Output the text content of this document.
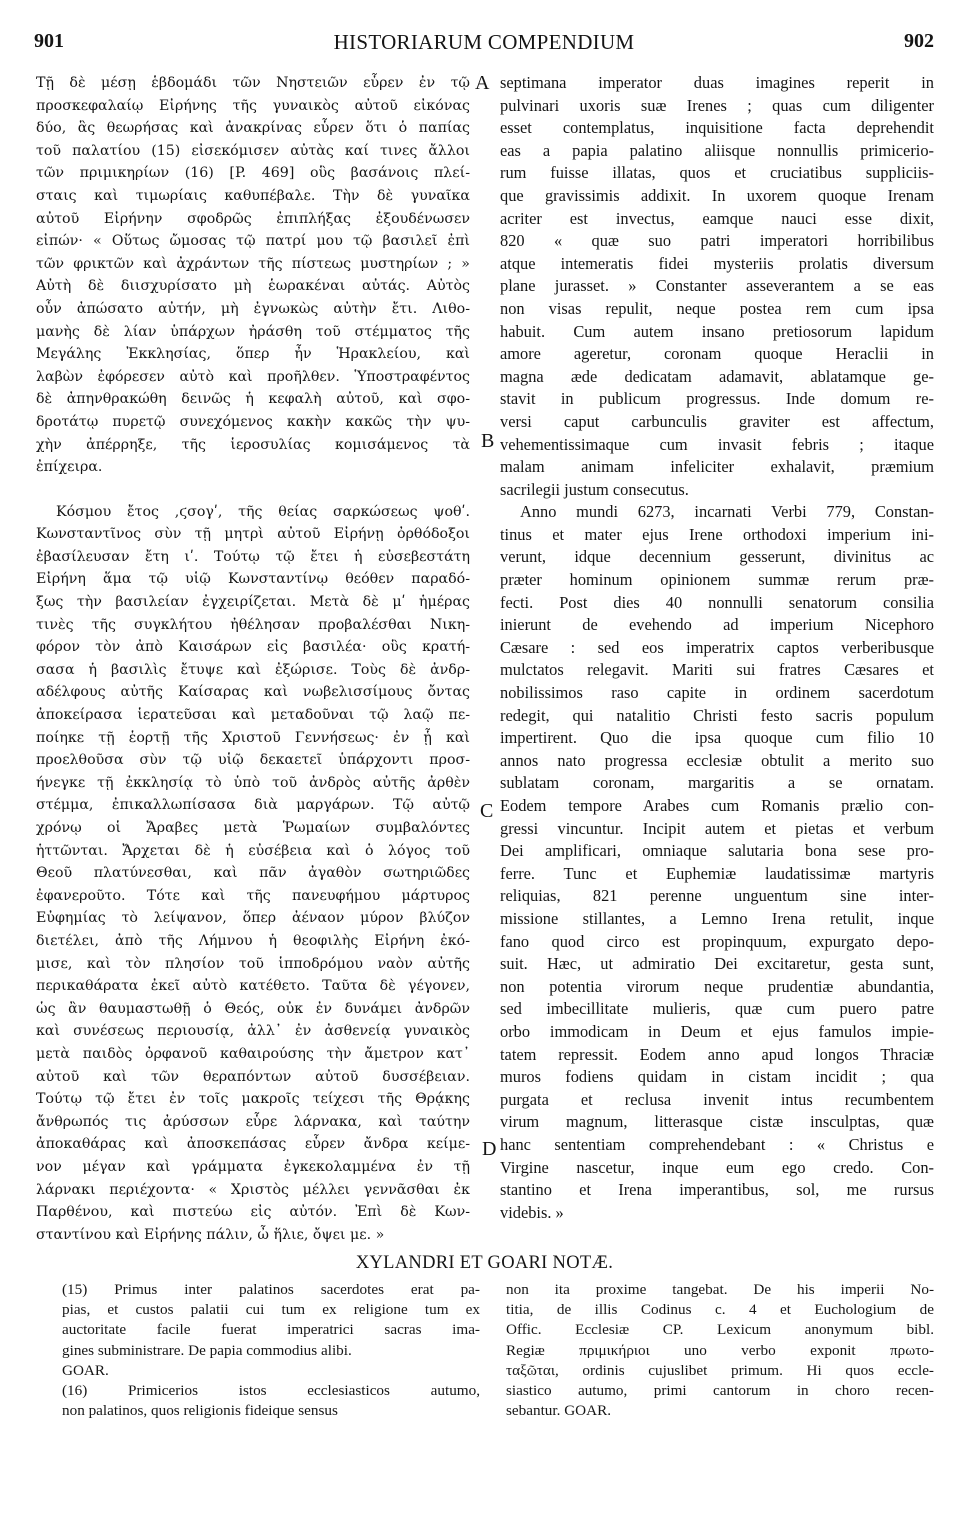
901	HISTORIARUM COMPENDIUM	902
Τῇ δὲ μέσῃ ἑβδομάδι τῶν Νηστειῶν εὗρεν ἐν τῷ
προσκεφαλαίῳ Εἰρήνης τῆς γυναικὸς αὐτοῦ εἰκόνας
δύο, ἃς θεωρήσας καὶ ἀνακρίνας εὗρεν ὅτι ὁ παπίας
τοῦ παλατίου (15) εἰσεκόμισεν αὐτὰς καί τινες ἄλλοι
τῶν πριμικηρίων (16) [P. 469] οὓς βασάνοις πλεί-
σταις καὶ τιμωρίαις καθυπέβαλε. Τὴν δὲ γυναῖκα
αὐτοῦ Εἰρήνην σφοδρῶς ἐπιπλήξας ἐξουδένωσεν
εἰπών· « Οὕτως ὤμοσας τῷ πατρί μου τῷ βασιλεῖ ἐπὶ
τῶν φρικτῶν καὶ ἀχράντων τῆς πίστεως μυστηρίων ; »
Αὐτὴ δὲ διισχυρίσατο μὴ ἑωρακέναι αὐτάς. Αὐτὸς
οὖν ἀπώσατο αὐτήν, μὴ ἐγνωκὼς αὐτὴν ἔτι. Λιθο-
μανὴς δὲ λίαν ὑπάρχων ἠράσθη τοῦ στέμματος τῆς
Μεγάλης Ἐκκλησίας, ὅπερ ἦν Ἡρακλείου, καὶ
λαβὼν ἐφόρεσεν αὐτὸ καὶ προῆλθεν. Ὑποστραφέντος
δὲ ἀπηνθρακώθη δεινῶς ἡ κεφαλὴ αὐτοῦ, καὶ σφο-
δροτάτῳ πυρετῷ συνεχόμενος κακὴν κακῶς τὴν ψυ-
χὴν ἀπέρρηξε, τῆς ἱεροσυλίας κομισάμενος τὰ
ἐπίχειρα.
Κόσμου ἔτος ,ϛσογʹ, τῆς θείας σαρκώσεως ψοθʹ.
Κωνσταντῖνος σὺν τῇ μητρὶ αὐτοῦ Εἰρήνῃ ὀρθόδοξοι
ἐβασίλευσαν ἔτη ιʹ. Τούτῳ τῷ ἔτει ἡ εὐσεβεστάτη
Εἰρήνη ἅμα τῷ υἱῷ Κωνσταντίνῳ θεόθεν παραδό-
ξως τὴν βασιλείαν ἐγχειρίζεται. Μετὰ δὲ μʹ ἡμέρας
τινὲς τῆς συγκλήτου ἠθέλησαν προβαλέσθαι Νικη-
φόρον τὸν ἀπὸ Καισάρων εἰς βασιλέα· οὓς κρατή-
σασα ἡ βασιλὶς ἔτυψε καὶ ἐξώρισε. Τοὺς δὲ ἀνδρ-
αδέλφους αὐτῆς Καίσαρας καὶ νωβελισσίμους ὄντας
ἀποκείρασα ἱερατεῦσαι καὶ μεταδοῦναι τῷ λαῷ πε-
ποίηκε τῇ ἑορτῇ τῆς Χριστοῦ Γεννήσεως· ἐν ᾗ καὶ
προελθοῦσα σὺν τῷ υἱῷ δεκαετεῖ ὑπάρχοντι προσ-
ήνεγκε τῇ ἐκκλησίᾳ τὸ ὑπὸ τοῦ ἀνδρὸς αὐτῆς ἀρθὲν
στέμμα, ἐπικαλλωπίσασα διὰ μαργάρων. Τῷ αὐτῷ
χρόνῳ οἱ Ἄραβες μετὰ Ῥωμαίων συμβαλόντες
ἡττῶνται. Ἄρχεται δὲ ἡ εὐσέβεια καὶ ὁ λόγος τοῦ
Θεοῦ πλατύνεσθαι, καὶ πᾶν ἀγαθὸν σωτηριῶδες
ἐφανεροῦτο. Τότε καὶ τῆς πανευφήμου μάρτυρος
Εὐφημίας τὸ λείψανον, ὅπερ ἀέναον μύρον βλύζον
διετέλει, ἀπὸ τῆς Λήμνου ἡ θεοφιλὴς Εἰρήνη ἐκό-
μισε, καὶ τὸν πλησίον τοῦ ἱπποδρόμου ναὸν αὐτῆς
περικαθάρατα ἐκεῖ αὐτὸ κατέθετο. Ταῦτα δὲ γέγονεν,
ὡς ἂν θαυμαστωθῇ ὁ Θεός, οὐκ ἐν δυνάμει ἀνδρῶν
καὶ συνέσεως περιουσίᾳ, ἀλλ᾽ ἐν ἀσθενείᾳ γυναικὸς
μετὰ παιδὸς ὀρφανοῦ καθαιρούσης τὴν ἄμετρον κατ᾽
αὐτοῦ καὶ τῶν θεραπόντων αὐτοῦ δυσσέβειαν.
Τούτῳ τῷ ἔτει ἐν τοῖς μακροῖς τείχεσι τῆς Θρᾴκης
ἄνθρωπός τις ἀρύσσων εὗρε λάρνακα, καὶ ταύτην
ἀποκαθάρας καὶ ἀποσκεπάσας εὗρεν ἄνδρα κείμε-
νον μέγαν καὶ γράμματα ἐγκεκολαμμένα ἐν τῇ
λάρνακι περιέχοντα· « Χριστὸς μέλλει γεννᾶσθαι ἐκ
Παρθένου, καὶ πιστεύω εἰς αὐτόν. Ἐπὶ δὲ Κων-
σταντίνου καὶ Εἰρήνης πάλιν, ὦ ἥλιε, ὄψει με. »
septimana imperator duas imagines reperit in
pulvinari uxoris suæ Irenes ; quas cum diligenter
esset contemplatus, inquisitione facta deprehendit
eas a papia palatino aliisque nonnullis primicerio-
rum fuisse illatas, quos et cruciatibus suppliciis-
que gravissimis addixit. In uxorem quoque Irenam
acriter est invectus, eamque nauci esse dixit,
820 « quæ suo patri imperatori horribilibus
atque intemeratis fidei mysteriis prolatis diversum
plane jurasset. » Constanter asseverantem a se eas
non visas repulit, neque postea rem cum ipsa
habuit. Cum autem insano pretiosorum lapidum
amore ageretur, coronam quoque Heraclii in
magna æde dedicatam adamavit, ablatamque ge-
stavit in publicum progressus. Inde domum re-
versi caput carbunculis graviter est affectum,
vehementissimaque cum invasit febris ; itaque
malam animam infeliciter exhalavit, præmium
sacrilegii justum consecutus.
Anno mundi 6273, incarnati Verbi 779, Constan-
tinus et mater ejus Irene orthodoxi imperium ini-
verunt, idque decennium gesserunt, divinitus ac
præter hominum opinionem summæ rerum præ-
fecti. Post dies 40 nonnulli senatorum consilia
inierunt de evehendo ad imperium Nicephoro
Cæsare : sed eos imperatrix captos verberibusque
mulctatos relegavit. Mariti sui fratres Cæsares et
nobilissimos raso capite in ordinem sacerdotum
redegit, qui natalitio Christi festo sacris populum
impertirent. Quo die ipsa quoque cum filio 10
annos nato progressa ecclesiæ obtulit a merito suo
sublatam coronam, margaritis a se ornatam.
Eodem tempore Arabes cum Romanis prælio con-
gressi vincuntur. Incipit autem et pietas et verbum
Dei amplificari, omniaque salutaria bona sese pro-
ferre. Tunc et Euphemiæ laudatissimæ martyris
reliquias, 821 perenne unguentum sine inter-
missione stillantes, a Lemno Irena retulit, inque
fano quod circo est propinquum, expurgato depo-
suit. Hæc, ut admiratio Dei excitaretur, gesta sunt,
non potentia virorum neque prudentiæ abundantia,
sed imbecillitate mulieris, quæ cum puero patre
orbo immodicam in Deum et ejus famulos impie-
tatem repressit. Eodem anno apud longos Thraciæ
muros fodiens quidam in cistam incidit ; qua
purgata et reclusa invenit intus recumbentem
virum magnum, litterasque cistæ insculptas, quæ
hanc sententiam comprehendebant : « Christus e
Virgine nascetur, inque eum ego credo. Con-
stantino et Irena imperantibus, sol, me rursus
videbis. »
A
B
C
D
XYLANDRI ET GOARI NOTÆ.
(15) Primus inter palatinos sacerdotes erat pa-
pias, et custos palatii cui tum ex religione tum ex
auctoritate facile fuerat imperatrici sacras ima-
gines subministrare. De papia commodius alibi.
GOAR.
(16) Primicerios istos ecclesiasticos autumo,
non palatinos, quos religionis fideique sensus
non ita proxime tangebat. De his imperii No-
titia, de illis Codinus c. 4 et Euchologium de
Offic. Ecclesiæ CP. Lexicum anonymum bibl.
Regiæ πριμικήριοι uno verbo exponit πρωτο-
ταξῶται, ordinis cujuslibet primum. Hi quos eccle-
siastico autumo, primi cantorum in choro recen-
sebantur. GOAR.
